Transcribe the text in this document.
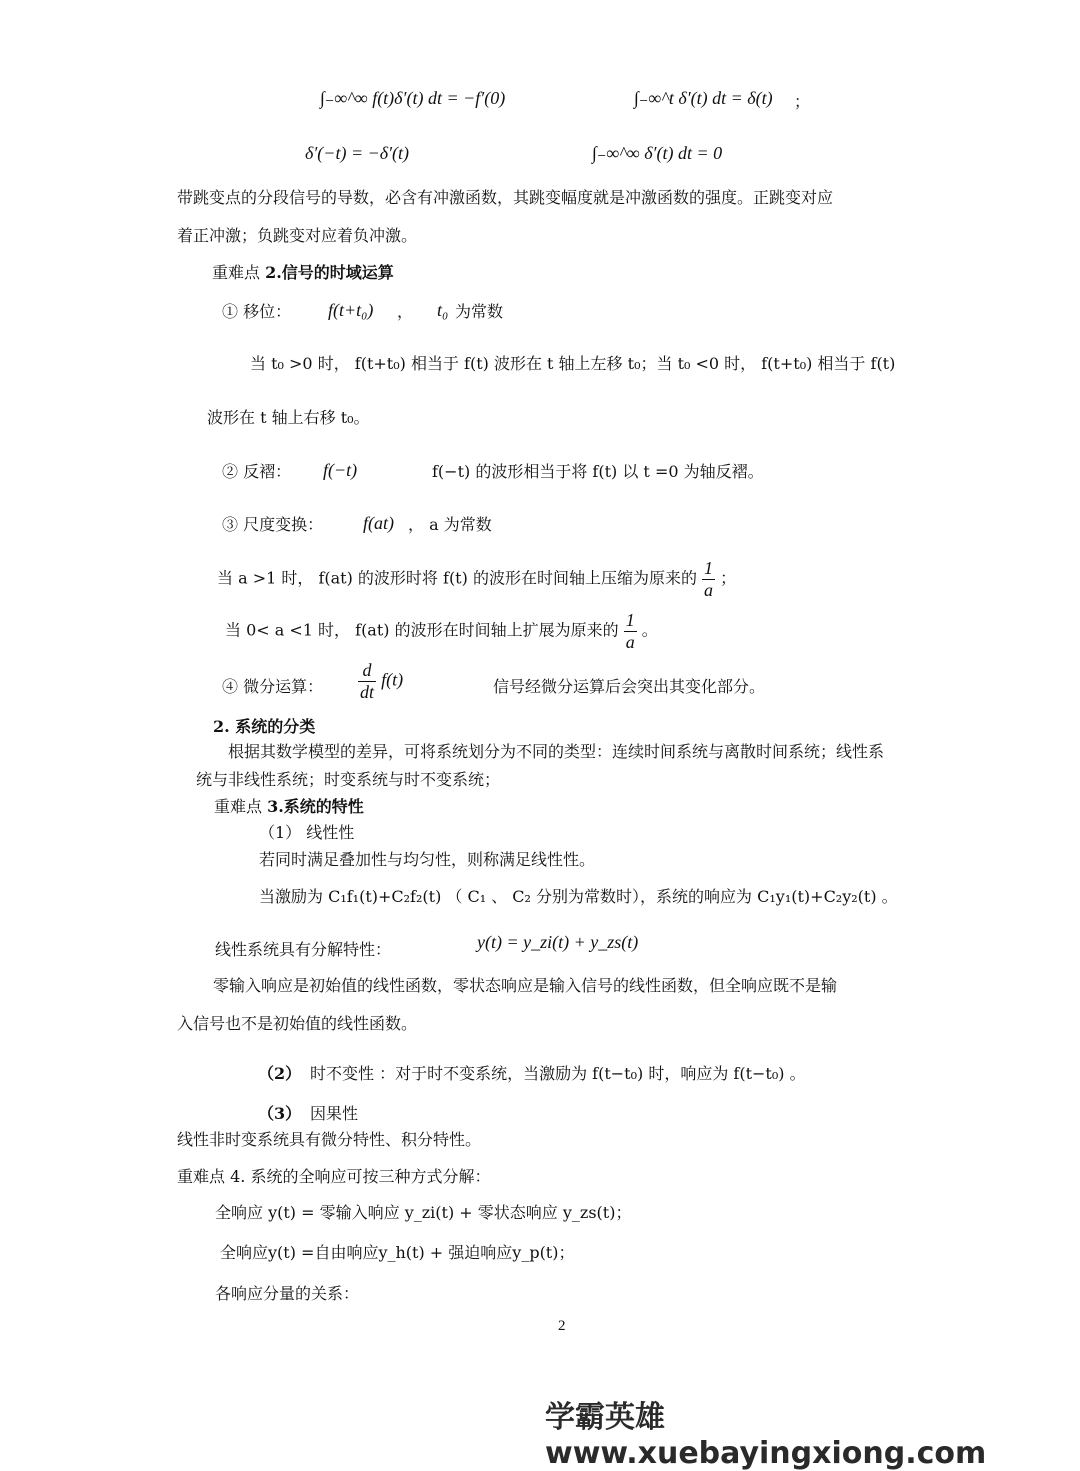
∫₋∞^∞ f(t)δ′(t) dt = −f′(0)	∫₋∞^t δ′(t) dt = δ(t) ；
δ′(−t) = −δ′(t)	∫₋∞^∞ δ′(t) dt = 0
带跳变点的分段信号的导数，必含有冲激函数，其跳变幅度就是冲激函数的强度。正跳变对应
着正冲激；负跳变对应着负冲激。
重难点 2.信号的时域运算
① 移位： f(t+t₀) ， t₀ 为常数
当 t₀ >0 时， f(t+t₀) 相当于 f(t) 波形在 t 轴上左移 t₀；当 t₀ <0 时， f(t+t₀) 相当于 f(t)
波形在 t 轴上右移 t₀。
② 反褶： f(−t)	f(−t) 的波形相当于将 f(t) 以 t =0 为轴反褶。
③ 尺度变换： f(at) ， a 为常数
当 a >1 时， f(at) 的波形时将 f(t) 的波形在时间轴上压缩为原来的 $\frac{1}{a}$ ；
当 0< a <1 时， f(at) 的波形在时间轴上扩展为原来的 $\frac{1}{a}$ 。
④ 微分运算： $\frac{d}{dt} f(t)$	信号经微分运算后会突出其变化部分。
2. 系统的分类
根据其数学模型的差异，可将系统划分为不同的类型：连续时间系统与离散时间系统；线性系
统与非线性系统；时变系统与时不变系统；
重难点 3.系统的特性
（1） 线性性
若同时满足叠加性与均匀性，则称满足线性性。
当激励为 C₁f₁(t)+C₂f₂(t) （ C₁ 、 C₂ 分别为常数时），系统的响应为 C₁y₁(t)+C₂y₂(t) 。
线性系统具有分解特性：	y(t) = y_zi(t) + y_zs(t)
零输入响应是初始值的线性函数，零状态响应是输入信号的线性函数，但全响应既不是输
入信号也不是初始值的线性函数。
（2） 时不变性 ：对于时不变系统，当激励为 f(t−t₀) 时，响应为 f(t−t₀) 。
（3） 因果性
线性非时变系统具有微分特性、积分特性。
重难点 4. 系统的全响应可按三种方式分解：
全响应 y(t) = 零输入响应 y_zi(t) + 零状态响应 y_zs(t)；
全响应y(t) =自由响应y_h(t) + 强迫响应y_p(t)；
各响应分量的关系：
2
学霸英雄 www.xuebayingxiong.com
